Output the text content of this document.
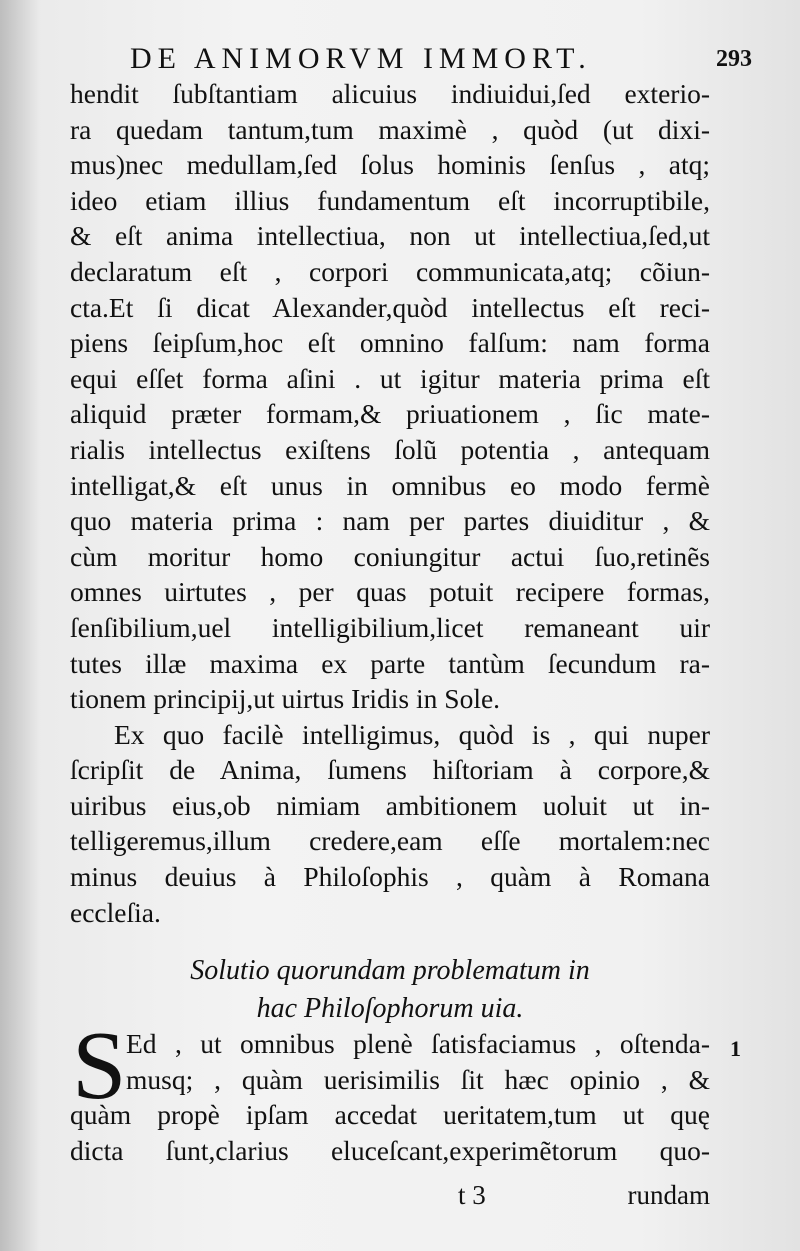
DE ANIMORVM IMMORT.	293
hendit ſubſtantiam alicuius indiuidui,ſed exterio-
ra quedam tantum,tum maximè , quòd (ut dixi-
mus)nec medullam,ſed ſolus hominis ſenſus , atq;
ideo etiam illius fundamentum eſt incorruptibile,
& eſt anima intellectiua, non ut intellectiua,ſed,ut
declaratum eſt , corpori communicata,atq; cõiun-
cta.Et ſi dicat Alexander,quòd intellectus eſt reci-
piens ſeipſum,hoc eſt omnino falſum: nam forma
equi eſſet forma aſini . ut igitur materia prima eſt
aliquid præter formam,& priuationem , ſic mate-
rialis intellectus exiſtens ſolũ potentia , antequam
intelligat,& eſt unus in omnibus eo modo fermè
quo materia prima : nam per partes diuiditur , &
cùm moritur homo coniungitur actui ſuo,retinẽs
omnes uirtutes , per quas potuit recipere formas,
ſenſibilium,uel intelligibilium,licet remaneant uir
tutes illæ maxima ex parte tantùm ſecundum ra-
tionem principij,ut uirtus Iridis in Sole.
Ex quo facilè intelligimus, quòd is , qui nuper
ſcripſit de Anima, ſumens hiſtoriam à corpore,&
uiribus eius,ob nimiam ambitionem uoluit ut in-
telligeremus,illum credere,eam eſſe mortalem:nec
minus deuius à Philoſophis , quàm à Romana
eccleſia.
Solutio quorundam problematum in
hac Philoſophorum uia.
S	1
Ed , ut omnibus plenè ſatisfaciamus , oſtenda-
musq; , quàm uerisimilis ſit hæc opinio , &
quàm propè ipſam accedat ueritatem,tum ut quę
dicta ſunt,clarius eluceſcant,experimẽtorum quo-
t 3	rundam
